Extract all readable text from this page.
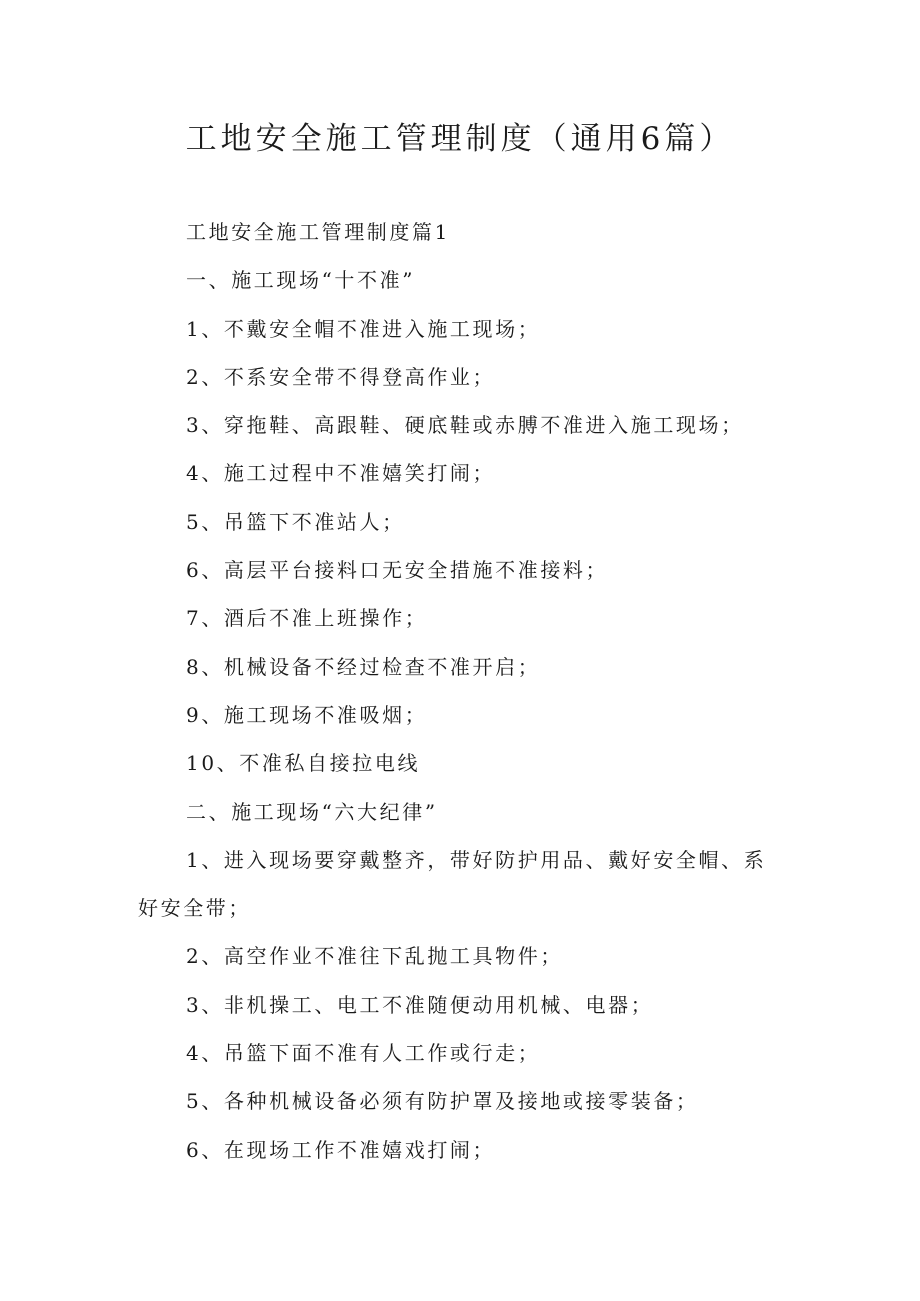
工地安全施工管理制度（通用6篇）

工地安全施工管理制度篇1

一、施工现场“十不准”

1、不戴安全帽不准进入施工现场；

2、不系安全带不得登高作业；

3、穿拖鞋、高跟鞋、硬底鞋或赤膊不准进入施工现场；

4、施工过程中不准嬉笑打闹；

5、吊篮下不准站人；

6、高层平台接料口无安全措施不准接料；

7、酒后不准上班操作；

8、机械设备不经过检查不准开启；

9、施工现场不准吸烟；

10、不准私自接拉电线

二、施工现场“六大纪律”

1、进入现场要穿戴整齐，带好防护用品、戴好安全帽、系好安全带；

2、高空作业不准往下乱抛工具物件；

3、非机操工、电工不准随便动用机械、电器；

4、吊篮下面不准有人工作或行走；

5、各种机械设备必须有防护罩及接地或接零装备；

6、在现场工作不准嬉戏打闹；
